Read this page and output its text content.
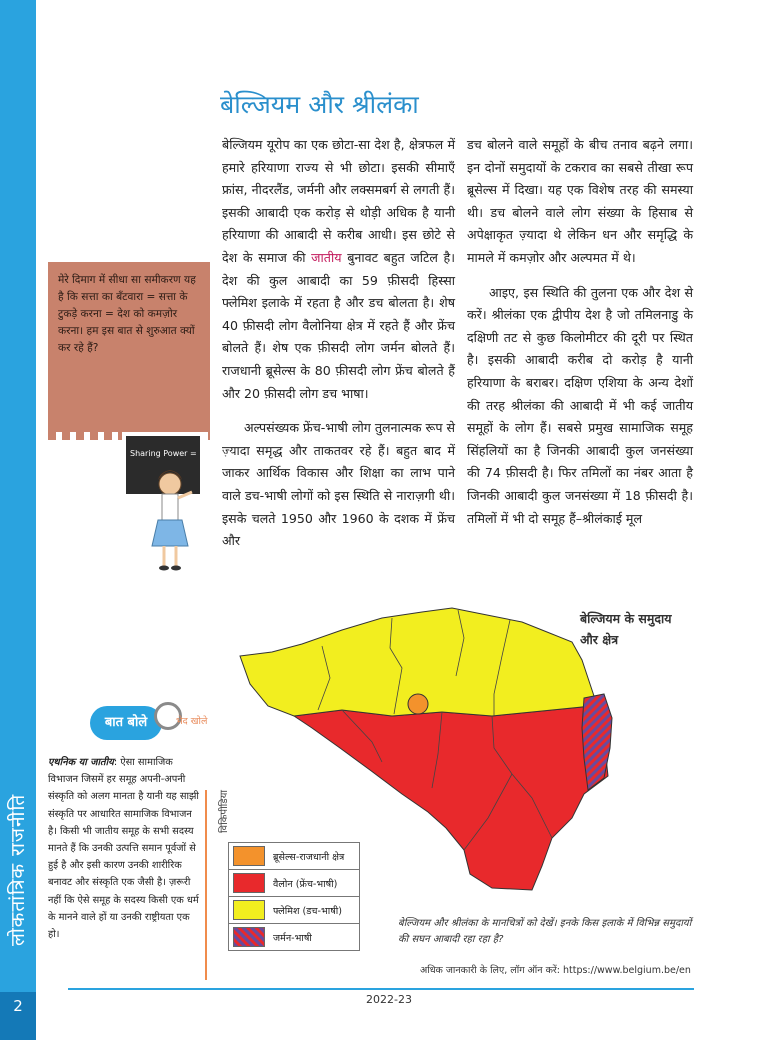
लोकतांत्रिक राजनीति
2
बेल्जियम और श्रीलंका

बेल्जियम यूरोप का एक छोटा-सा देश है, क्षेत्रफल में हमारे हरियाणा राज्य से भी छोटा। इसकी सीमाएँ फ्रांस, नीदरलैंड, जर्मनी और लक्समबर्ग से लगती हैं। इसकी आबादी एक करोड़ से थोड़ी अधिक है यानी हरियाणा की आबादी से करीब आधी। इस छोटे से देश के समाज की जातीय बुनावट बहुत जटिल है। देश की कुल आबादी का 59 फ़ीसदी हिस्सा फ्लेमिश इलाके में रहता है और डच बोलता है। शेष 40 फ़ीसदी लोग वैलोनिया क्षेत्र में रहते हैं और फ्रेंच बोलते हैं। शेष एक फ़ीसदी लोग जर्मन बोलते हैं। राजधानी ब्रूसेल्स के 80 फ़ीसदी लोग फ्रेंच बोलते हैं और 20 फ़ीसदी लोग डच भाषा।

अल्पसंख्यक फ्रेंच-भाषी लोग तुलनात्मक रूप से ज़्यादा समृद्ध और ताकतवर रहे हैं। बहुत बाद में जाकर आर्थिक विकास और शिक्षा का लाभ पाने वाले डच-भाषी लोगों को इस स्थिति से नाराज़गी थी। इसके चलते 1950 और 1960 के दशक में फ्रेंच और

डच बोलने वाले समूहों के बीच तनाव बढ़ने लगा। इन दोनों समुदायों के टकराव का सबसे तीखा रूप ब्रूसेल्स में दिखा। यह एक विशेष तरह की समस्या थी। डच बोलने वाले लोग संख्या के हिसाब से अपेक्षाकृत ज़्यादा थे लेकिन धन और समृद्धि के मामले में कमज़ोर और अल्पमत में थे।

आइए, इस स्थिति की तुलना एक और देश से करें। श्रीलंका एक द्वीपीय देश है जो तमिलनाडु के दक्षिणी तट से कुछ किलोमीटर की दूरी पर स्थित है। इसकी आबादी करीब दो करोड़ है यानी हरियाणा के बराबर। दक्षिण एशिया के अन्य देशों की तरह श्रीलंका की आबादी में भी कई जातीय समूहों के लोग हैं। सबसे प्रमुख सामाजिक समूह सिंहलियों का है जिनकी आबादी कुल जनसंख्या की 74 फ़ीसदी है। फिर तमिलों का नंबर आता है जिनकी आबादी कुल जनसंख्या में 18 फ़ीसदी है। तमिलों में भी दो समूह हैं–श्रीलंकाई मूल

मेरे दिमाग में सीधा सा समीकरण यह है कि सत्ता का बँटवारा = सत्ता के टुकड़े करना = देश को कमज़ोर करना। हम इस बात से शुरुआत क्यों कर रहे हैं?
Sharing Power = Dividing
बेल्जियम के समुदाय और क्षेत्र
विकिपीडिया
ब्रूसेल्स-राजधानी क्षेत्र
वैलोन (फ्रेंच-भाषी)
फ्लेमिश (डच-भाषी)
जर्मन-भाषी
बेल्जियम और श्रीलंका के मानचित्रों को देखें। इनके किस इलाके में विभिन्न समुदायों की सघन आबादी रहा रहा है?
अधिक जानकारी के लिए, लॉग ऑन करें: https://www.belgium.be/en
बात बोले	भेद खोले
एथनिक या जातीय: ऐसा सामाजिक विभाजन जिसमें हर समूह अपनी-अपनी संस्कृति को अलग मानता है यानी यह साझी संस्कृति पर आधारित सामाजिक विभाजन है। किसी भी जातीय समूह के सभी सदस्य मानते हैं कि उनकी उत्पत्ति समान पूर्वजों से हुई है और इसी कारण उनकी शारीरिक बनावट और संस्कृति एक जैसी है। ज़रूरी नहीं कि ऐसे समूह के सदस्य किसी एक धर्म के मानने वाले हों या उनकी राष्ट्रीयता एक हो।
2022-23
